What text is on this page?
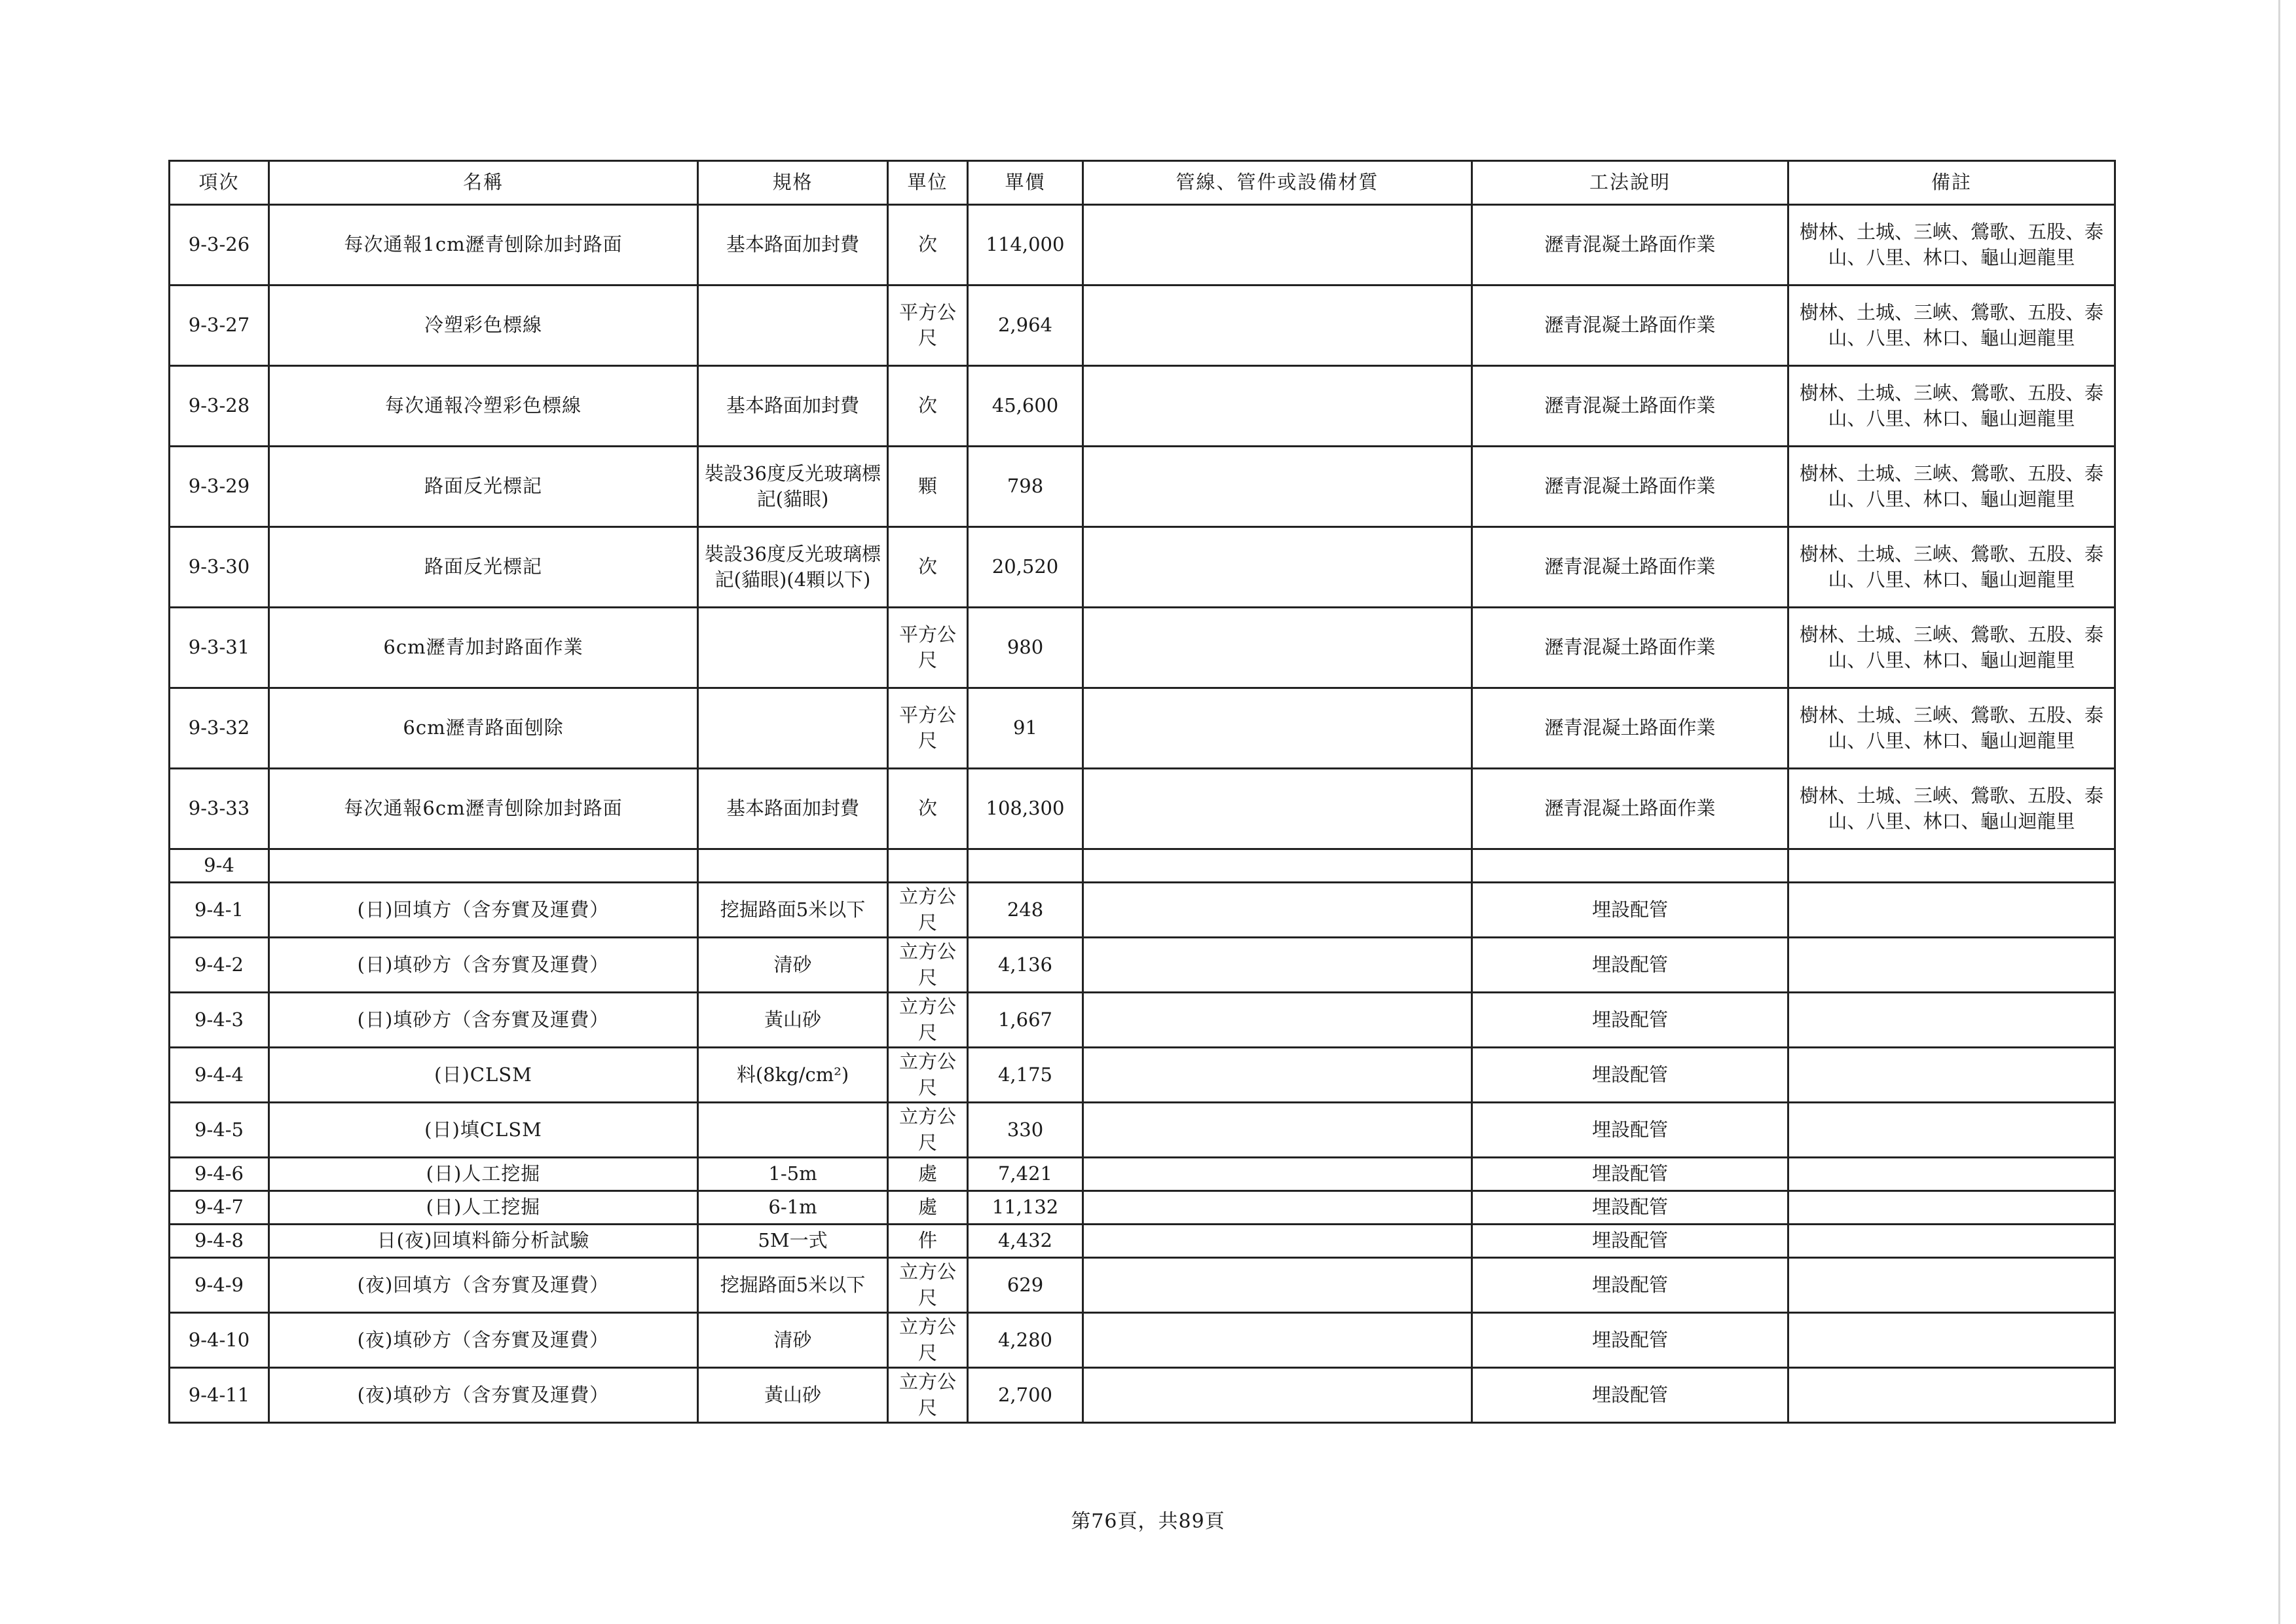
項次	名稱	規格	單位	單價	管線、管件或設備材質	工法說明	備註
9-3-26	每次通報1cm瀝青刨除加封路面	基本路面加封費	次	114,000		瀝青混凝土路面作業	樹林、土城、三峽、鶯歌、五股、泰山、八里、林口、龜山迴龍里
9-3-27	冷塑彩色標線		平方公尺	2,964		瀝青混凝土路面作業	樹林、土城、三峽、鶯歌、五股、泰山、八里、林口、龜山迴龍里
9-3-28	每次通報冷塑彩色標線	基本路面加封費	次	45,600		瀝青混凝土路面作業	樹林、土城、三峽、鶯歌、五股、泰山、八里、林口、龜山迴龍里
9-3-29	路面反光標記	裝設36度反光玻璃標記(貓眼)	顆	798		瀝青混凝土路面作業	樹林、土城、三峽、鶯歌、五股、泰山、八里、林口、龜山迴龍里
9-3-30	路面反光標記	裝設36度反光玻璃標記(貓眼)(4顆以下)	次	20,520		瀝青混凝土路面作業	樹林、土城、三峽、鶯歌、五股、泰山、八里、林口、龜山迴龍里
9-3-31	6cm瀝青加封路面作業		平方公尺	980		瀝青混凝土路面作業	樹林、土城、三峽、鶯歌、五股、泰山、八里、林口、龜山迴龍里
9-3-32	6cm瀝青路面刨除		平方公尺	91		瀝青混凝土路面作業	樹林、土城、三峽、鶯歌、五股、泰山、八里、林口、龜山迴龍里
9-3-33	每次通報6cm瀝青刨除加封路面	基本路面加封費	次	108,300		瀝青混凝土路面作業	樹林、土城、三峽、鶯歌、五股、泰山、八里、林口、龜山迴龍里
9-4							
9-4-1	(日)回填方（含夯實及運費）	挖掘路面5米以下	立方公尺	248		埋設配管	
9-4-2	(日)填砂方（含夯實及運費）	清砂	立方公尺	4,136		埋設配管	
9-4-3	(日)填砂方（含夯實及運費）	黃山砂	立方公尺	1,667		埋設配管	
9-4-4	(日)CLSM	料(8kg/cm²)	立方公尺	4,175		埋設配管	
9-4-5	(日)填CLSM		立方公尺	330		埋設配管	
9-4-6	(日)人工挖掘	1-5m	處	7,421		埋設配管	
9-4-7	(日)人工挖掘	6-1m	處	11,132		埋設配管	
9-4-8	日(夜)回填料篩分析試驗	5M一式	件	4,432		埋設配管	
9-4-9	(夜)回填方（含夯實及運費）	挖掘路面5米以下	立方公尺	629		埋設配管	
9-4-10	(夜)填砂方（含夯實及運費）	清砂	立方公尺	4,280		埋設配管	
9-4-11	(夜)填砂方（含夯實及運費）	黃山砂	立方公尺	2,700		埋設配管	
第76頁，共89頁
